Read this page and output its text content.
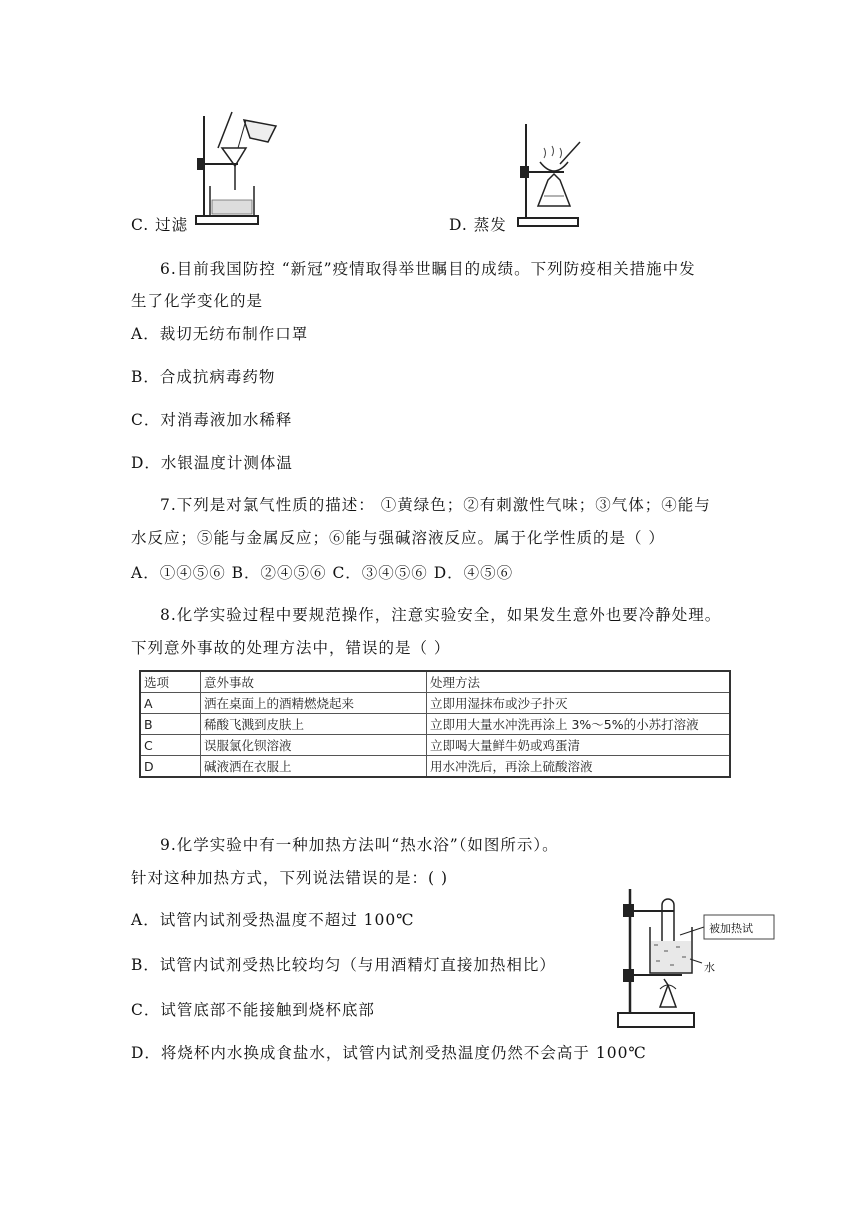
C. 过滤	D. 蒸发
6.目前我国防控 “新冠”疫情取得举世瞩目的成绩。下列防疫相关措施中发
生了化学变化的是
A．裁切无纺布制作口罩
B．合成抗病毒药物
C．对消毒液加水稀释
D．水银温度计测体温
7.下列是对氯气性质的描述： ①黄绿色；②有刺激性气味；③气体；④能与
水反应；⑤能与金属反应；⑥能与强碱溶液反应。属于化学性质的是（ ）
A．①④⑤⑥ B．②④⑤⑥ C．③④⑤⑥ D．④⑤⑥
8.化学实验过程中要规范操作，注意实验安全，如果发生意外也要冷静处理。
下列意外事故的处理方法中，错误的是（ ）
选项	意外事故	处理方法
A	洒在桌面上的酒精燃烧起来	立即用湿抹布或沙子扑灭
B	稀酸飞溅到皮肤上	立即用大量水冲洗再涂上 3%～5%的小苏打溶液
C	误服氯化钡溶液	立即喝大量鲜牛奶或鸡蛋清
D	碱液洒在衣服上	用水冲洗后，再涂上硫酸溶液
9.化学实验中有一种加热方法叫“热水浴”（如图所示）。
针对这种加热方式，下列说法错误的是：( )
A．试管内试剂受热温度不超过 100℃
B．试管内试剂受热比较均匀（与用酒精灯直接加热相比）
C．试管底部不能接触到烧杯底部
D．将烧杯内水换成食盐水，试管内试剂受热温度仍然不会高于 100℃
被加热试
水
